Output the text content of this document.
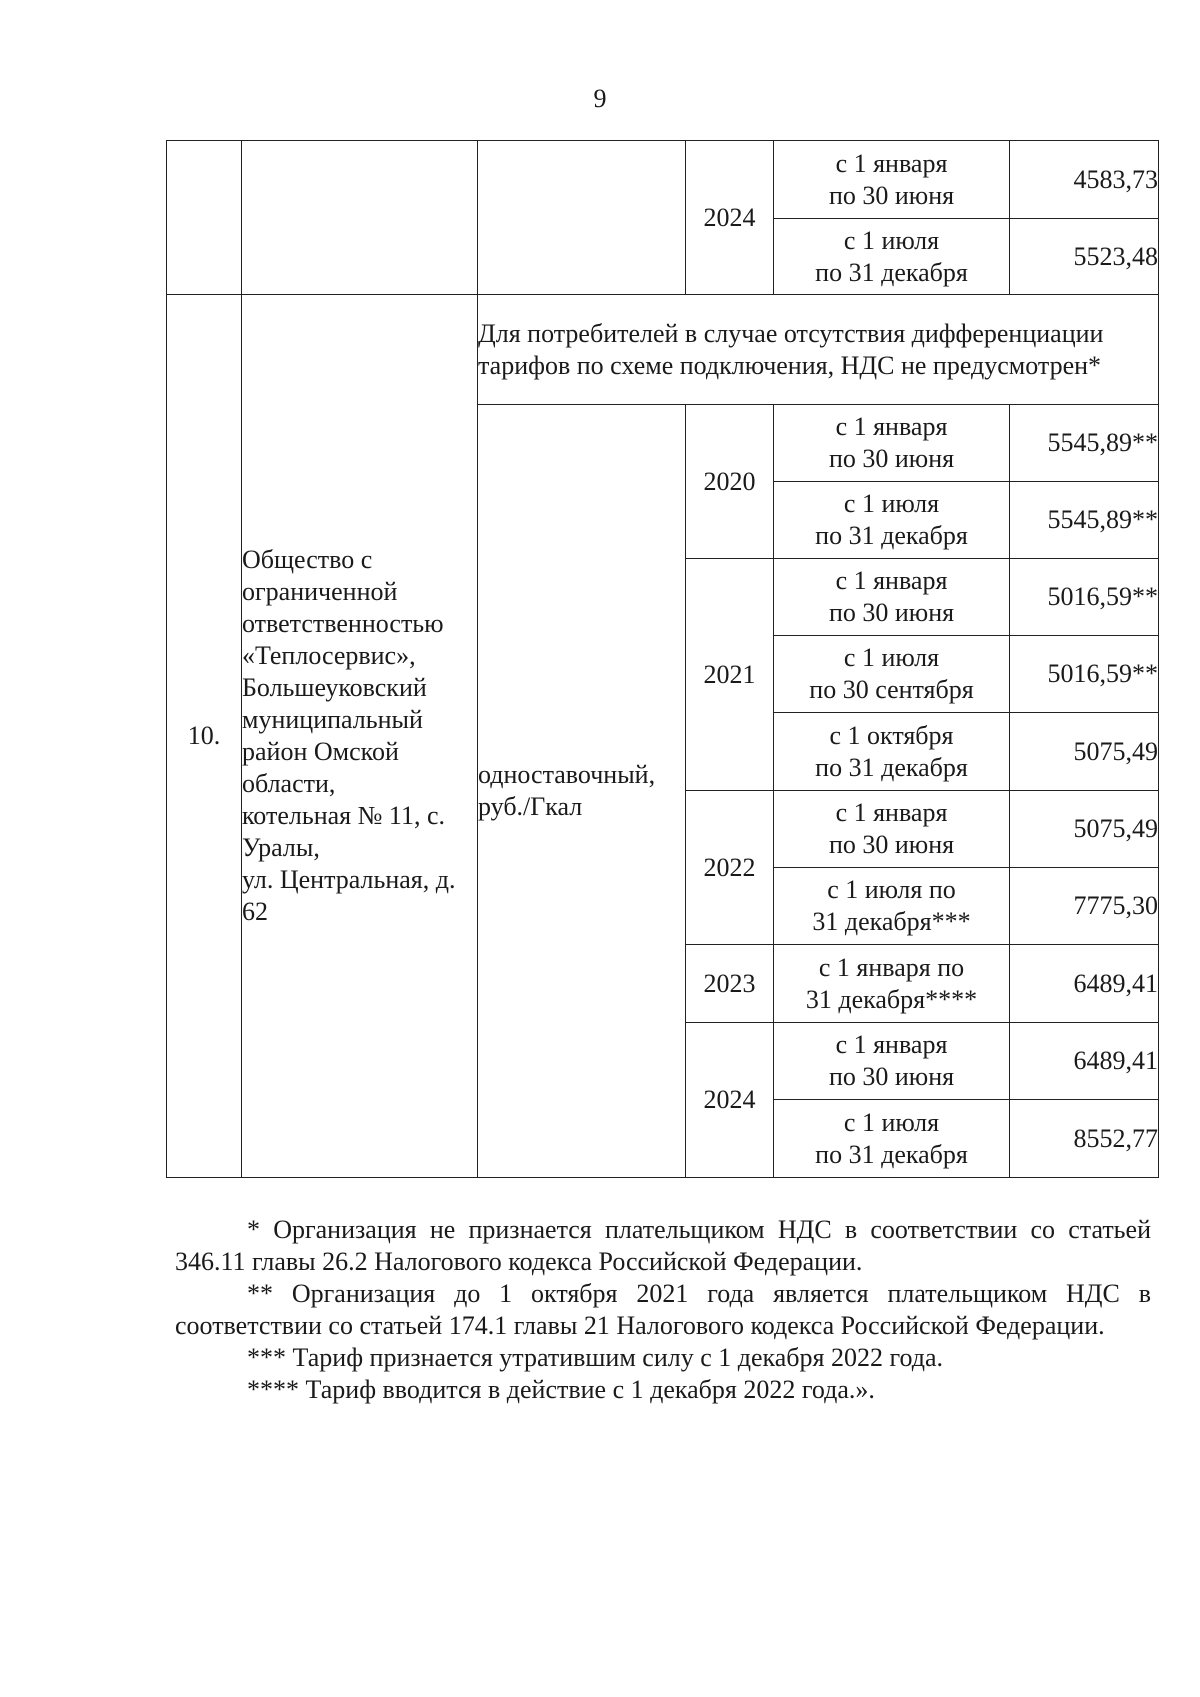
9
			2024	с 1 января
по 30 июня	4583,73
				с 1 июля
по 31 декабря	5523,48
10.	Общество с ограниченной ответственностью «Теплосервис», Большеуковский муниципальный район Омской области,
котельная № 11, с. Уралы,
ул. Центральная, д. 62	Для потребителей в случае отсутствия дифференциации тарифов по схеме подключения, НДС не предусмотрен*			
		одноставочный, руб./Гкал	2020	с 1 января
по 30 июня	5545,89**
				с 1 июля
по 31 декабря	5545,89**
			2021	с 1 января
по 30 июня	5016,59**
				с 1 июля
по 30 сентября	5016,59**
				с 1 октября
по 31 декабря	5075,49
			2022	с 1 января
по 30 июня	5075,49
				с 1 июля по
31 декабря***	7775,30
			2023	с 1 января по
31 декабря****	6489,41
			2024	с 1 января
по 30 июня	6489,41
				с 1 июля
по 31 декабря	8552,77

* Организация не признается плательщиком НДС в соответствии со статьей 346.11 главы 26.2 Налогового кодекса Российской Федерации.

** Организация до 1 октября 2021 года является плательщиком НДС в соответствии со статьей 174.1 главы 21 Налогового кодекса Российской Федерации.

*** Тариф признается утратившим силу с 1 декабря 2022 года.

**** Тариф вводится в действие с 1 декабря 2022 года.».
